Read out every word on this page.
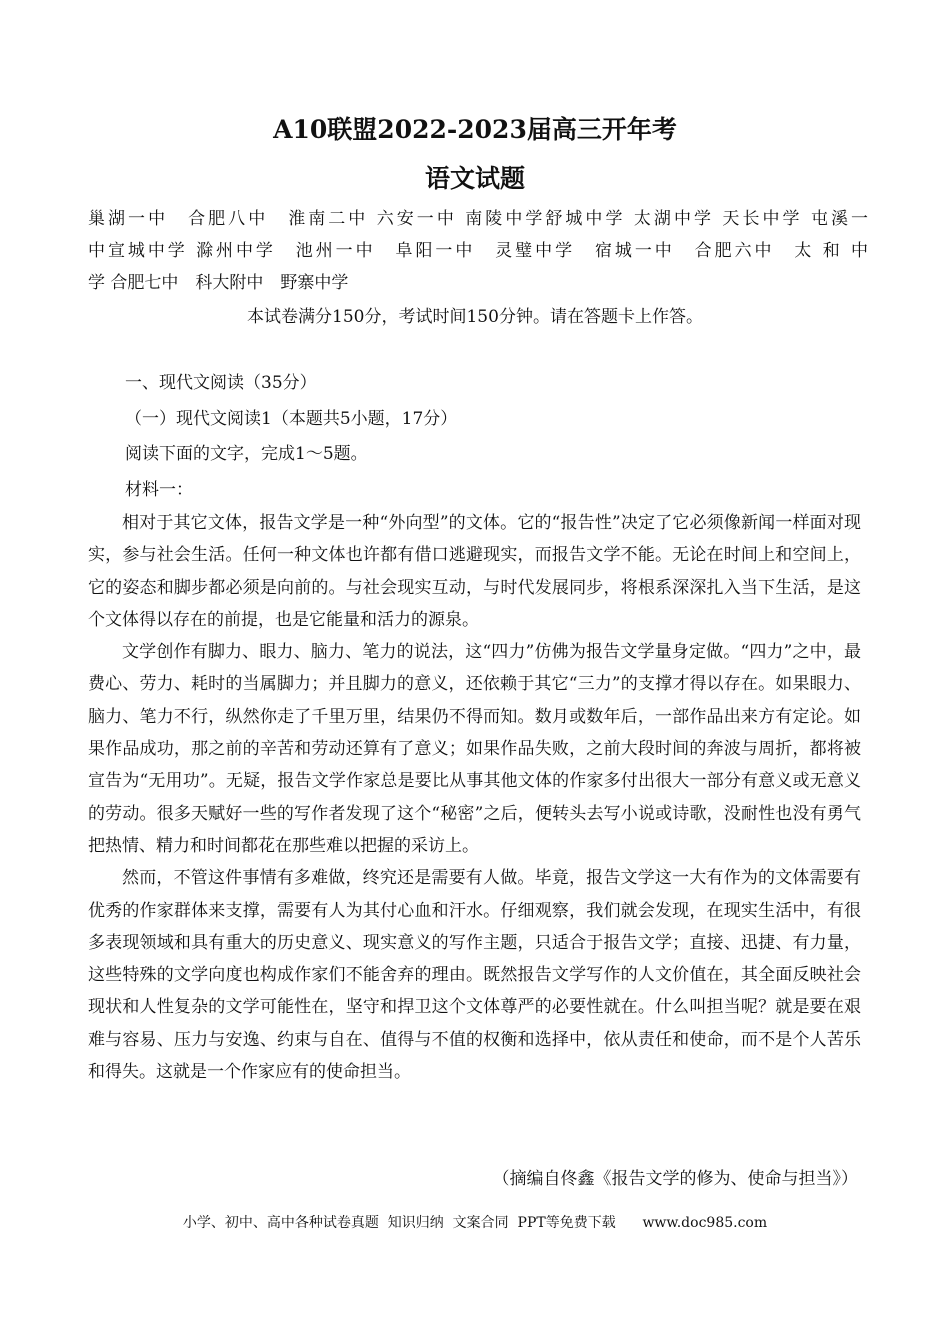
A10联盟2022-2023届高三开年考
语文试题
巢湖一中　合肥八中　淮南二中 六安一中 南陵中学舒城中学 太湖中学 天长中学 屯溪一
中宣城中学 滁州中学　池州一中　阜阳一中　灵璧中学　宿城一中　合肥六中　太 和 中
学 合肥七中　科大附中　野寨中学
本试卷满分150分，考试时间150分钟。请在答题卡上作答。
一、现代文阅读（35分）
（一）现代文阅读1（本题共5小题，17分）
阅读下面的文字，完成1～5题。
材料一：

相对于其它文体，报告文学是一种“外向型”的文体。它的“报告性”决定了它必须像新闻一样面对现实，参与社会生活。任何一种文体也许都有借口逃避现实，而报告文学不能。无论在时间上和空间上，它的姿态和脚步都必须是向前的。与社会现实互动，与时代发展同步，将根系深深扎入当下生活，是这个文体得以存在的前提，也是它能量和活力的源泉。

文学创作有脚力、眼力、脑力、笔力的说法，这“四力”仿佛为报告文学量身定做。“四力”之中，最费心、劳力、耗时的当属脚力；并且脚力的意义，还依赖于其它“三力”的支撑才得以存在。如果眼力、脑力、笔力不行，纵然你走了千里万里，结果仍不得而知。数月或数年后，一部作品出来方有定论。如果作品成功，那之前的辛苦和劳动还算有了意义；如果作品失败，之前大段时间的奔波与周折，都将被宣告为“无用功”。无疑，报告文学作家总是要比从事其他文体的作家多付出很大一部分有意义或无意义的劳动。很多天赋好一些的写作者发现了这个“秘密”之后，便转头去写小说或诗歌，没耐性也没有勇气把热情、精力和时间都花在那些难以把握的采访上。

然而，不管这件事情有多难做，终究还是需要有人做。毕竟，报告文学这一大有作为的文体需要有优秀的作家群体来支撑，需要有人为其付心血和汗水。仔细观察，我们就会发现，在现实生活中，有很多表现领域和具有重大的历史意义、现实意义的写作主题，只适合于报告文学；直接、迅捷、有力量，这些特殊的文学向度也构成作家们不能舍弃的理由。既然报告文学写作的人文价值在，其全面反映社会现状和人性复杂的文学可能性在，坚守和捍卫这个文体尊严的必要性就在。什么叫担当呢？就是要在艰难与容易、压力与安逸、约束与自在、值得与不值的权衡和选择中，依从责任和使命，而不是个人苦乐和得失。这就是一个作家应有的使命担当。

（摘编自佟鑫《报告文学的修为、使命与担当》）
小学、初中、高中各种试卷真题  知识归纳  文案合同  PPT等免费下载      www.doc985.com
